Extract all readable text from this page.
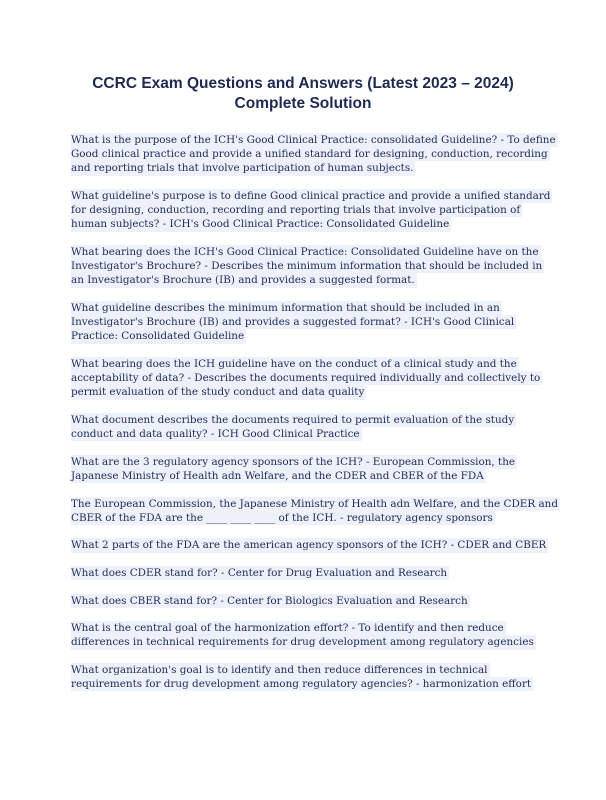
CCRC Exam Questions and Answers (Latest 2023 – 2024)
Complete Solution
What is the purpose of the ICH's Good Clinical Practice: consolidated Guideline? - To define
Good clinical practice and provide a unified standard for designing, conduction, recording
and reporting trials that involve participation of human subjects.
What guideline's purpose is to define Good clinical practice and provide a unified standard
for designing, conduction, recording and reporting trials that involve participation of
human subjects? - ICH's Good Clinical Practice: Consolidated Guideline
What bearing does the ICH's Good Clinical Practice: Consolidated Guideline have on the
Investigator's Brochure? - Describes the minimum information that should be included in
an Investigator's Brochure (IB) and provides a suggested format.
What guideline describes the minimum information that should be included in an
Investigator's Brochure (IB) and provides a suggested format? - ICH's Good Clinical
Practice: Consolidated Guideline
What bearing does the ICH guideline have on the conduct of a clinical study and the
acceptability of data? - Describes the documents required individually and collectively to
permit evaluation of the study conduct and data quality
What document describes the documents required to permit evaluation of the study
conduct and data quality? - ICH Good Clinical Practice
What are the 3 regulatory agency sponsors of the ICH? - European Commission, the
Japanese Ministry of Health adn Welfare, and the CDER and CBER of the FDA
The European Commission, the Japanese Ministry of Health adn Welfare, and the CDER and
CBER of the FDA are the ____ ____ ____ of the ICH. - regulatory agency sponsors
What 2 parts of the FDA are the american agency sponsors of the ICH? - CDER and CBER
What does CDER stand for? - Center for Drug Evaluation and Research
What does CBER stand for? - Center for Biologics Evaluation and Research
What is the central goal of the harmonization effort? - To identify and then reduce
differences in technical requirements for drug development among regulatory agencies
What organization's goal is to identify and then reduce differences in technical
requirements for drug development among regulatory agencies? - harmonization effort
